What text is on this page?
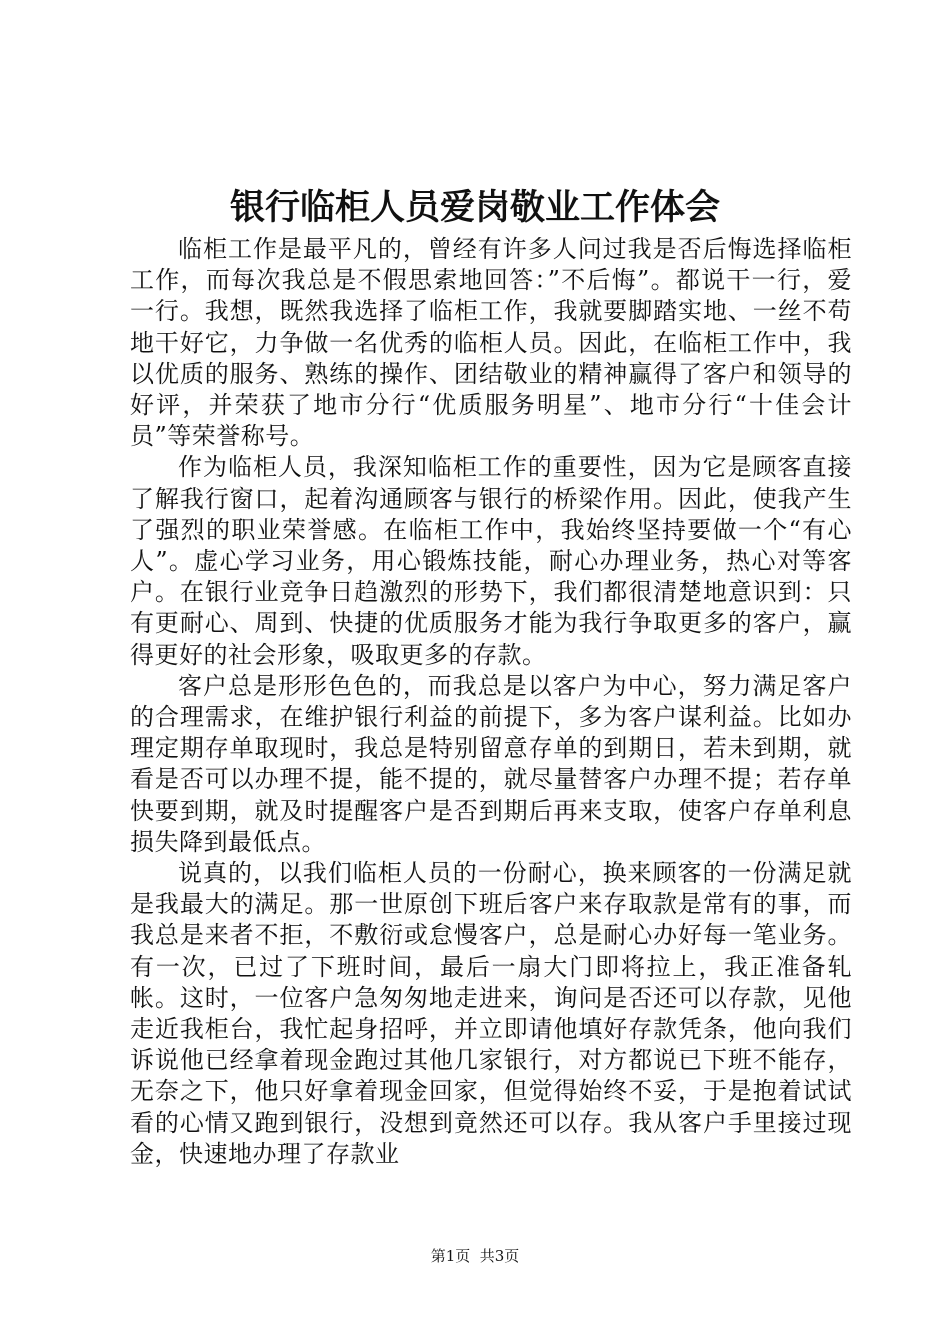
银行临柜人员爱岗敬业工作体会

临柜工作是最平凡的，曾经有许多人问过我是否后悔选择临柜工作，而每次我总是不假思索地回答：”不后悔”。都说干一行，爱一行。我想，既然我选择了临柜工作，我就要脚踏实地、一丝不苟地干好它，力争做一名优秀的临柜人员。因此，在临柜工作中，我以优质的服务、熟练的操作、团结敬业的精神赢得了客户和领导的好评，并荣获了地市分行“优质服务明星”、地市分行“十佳会计员”等荣誉称号。

作为临柜人员，我深知临柜工作的重要性，因为它是顾客直接了解我行窗口，起着沟通顾客与银行的桥梁作用。因此，使我产生了强烈的职业荣誉感。在临柜工作中，我始终坚持要做一个“有心人”。虚心学习业务，用心锻炼技能，耐心办理业务，热心对等客户。在银行业竞争日趋激烈的形势下，我们都很清楚地意识到：只有更耐心、周到、快捷的优质服务才能为我行争取更多的客户，赢得更好的社会形象，吸取更多的存款。

客户总是形形色色的，而我总是以客户为中心，努力满足客户的合理需求，在维护银行利益的前提下，多为客户谋利益。比如办理定期存单取现时，我总是特别留意存单的到期日，若未到期，就看是否可以办理不提，能不提的，就尽量替客户办理不提；若存单快要到期，就及时提醒客户是否到期后再来支取，使客户存单利息损失降到最低点。

说真的，以我们临柜人员的一份耐心，换来顾客的一份满足就是我最大的满足。那一世原创下班后客户来存取款是常有的事，而我总是来者不拒，不敷衍或怠慢客户，总是耐心办好每一笔业务。有一次，已过了下班时间，最后一扇大门即将拉上，我正准备轧帐。这时，一位客户急匆匆地走进来，询问是否还可以存款，见他走近我柜台，我忙起身招呼，并立即请他填好存款凭条，他向我们诉说他已经拿着现金跑过其他几家银行，对方都说已下班不能存，无奈之下，他只好拿着现金回家，但觉得始终不妥，于是抱着试试看的心情又跑到银行，没想到竟然还可以存。我从客户手里接过现金，快速地办理了存款业

第1页  共3页
